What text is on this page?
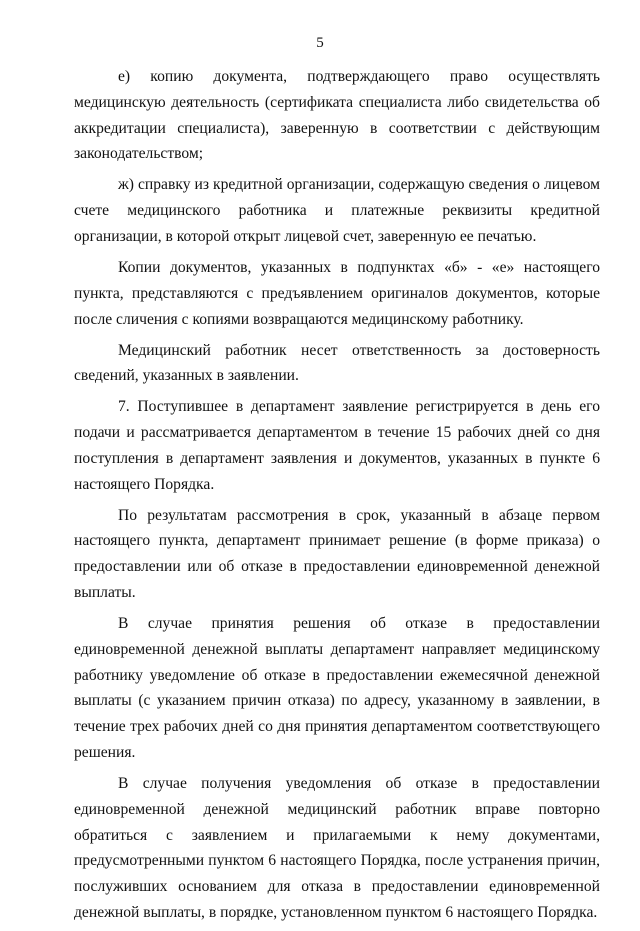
5

е) копию документа, подтверждающего право осуществлять медицинскую деятельность (сертификата специалиста либо свидетельства об аккредитации специалиста), заверенную в соответствии с действующим законодательством;

ж) справку из кредитной организации, содержащую сведения о лицевом счете медицинского работника и платежные реквизиты кредитной организации, в которой открыт лицевой счет, заверенную ее печатью.

Копии документов, указанных в подпунктах «б» - «е» настоящего пункта, представляются с предъявлением оригиналов документов, которые после сличения с копиями возвращаются медицинскому работнику.

Медицинский работник несет ответственность за достоверность сведений, указанных в заявлении.

7. Поступившее в департамент заявление регистрируется в день его подачи и рассматривается департаментом в течение 15 рабочих дней со дня поступления в департамент заявления и документов, указанных в пункте 6 настоящего Порядка.

По результатам рассмотрения в срок, указанный в абзаце первом настоящего пункта, департамент принимает решение (в форме приказа) о предоставлении или об отказе в предоставлении единовременной денежной выплаты.

В случае принятия решения об отказе в предоставлении единовременной денежной выплаты департамент направляет медицинскому работнику уведомление об отказе в предоставлении ежемесячной денежной выплаты (с указанием причин отказа) по адресу, указанному в заявлении, в течение трех рабочих дней со дня принятия департаментом соответствующего решения.

В случае получения уведомления об отказе в предоставлении единовременной денежной медицинский работник вправе повторно обратиться с заявлением и прилагаемыми к нему документами, предусмотренными пунктом 6 настоящего Порядка, после устранения причин, послуживших основанием для отказа в предоставлении единовременной денежной выплаты, в порядке, установленном пунктом 6 настоящего Порядка.
